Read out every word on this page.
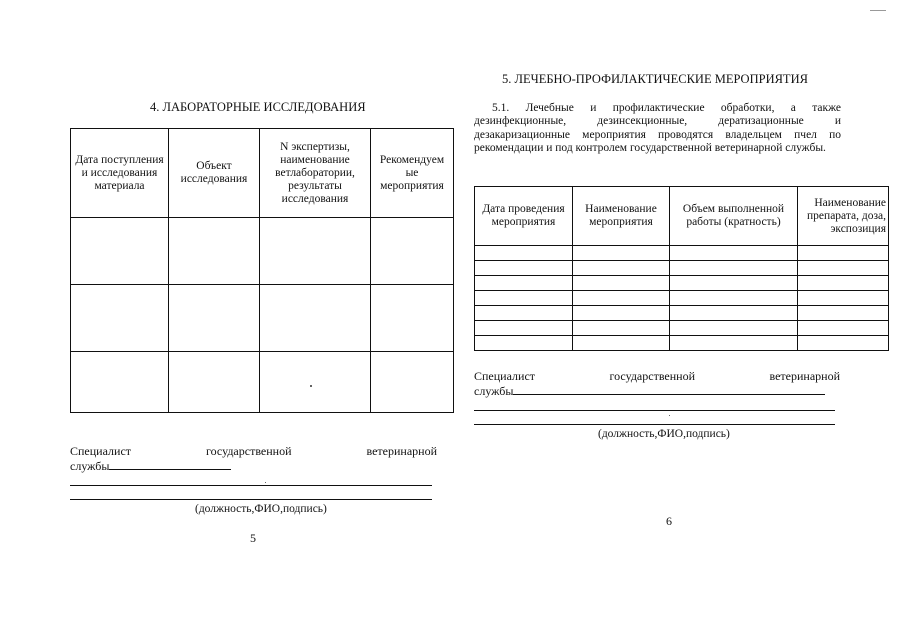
4. ЛАБОРАТОРНЫЕ ИССЛЕДОВАНИЯ
Дата поступления и исследования материала	Объект исследования	N экспертизы, наименование ветлаборатории, результаты исследования	Рекомендуем ые мероприятия

Специалист	государственной	ветеринарной
службы
(должность,ФИО,подпись)
5
5. ЛЕЧЕБНО-ПРОФИЛАКТИЧЕСКИЕ МЕРОПРИЯТИЯ
5.1. Лечебные и профилактические обработки, а также дезинфекционные, дезинсекционные, дератизационные и дезакаризационные мероприятия проводятся владельцем пчел по рекомендации и под контролем государственной ветеринарной службы.
Дата проведения мероприятия	Наименование мероприятия	Объем выполненной работы (кратность)	Наименование препарата, доза, экспозиция

Специалист	государственной	ветеринарной
службы
(должность,ФИО,подпись)
6
